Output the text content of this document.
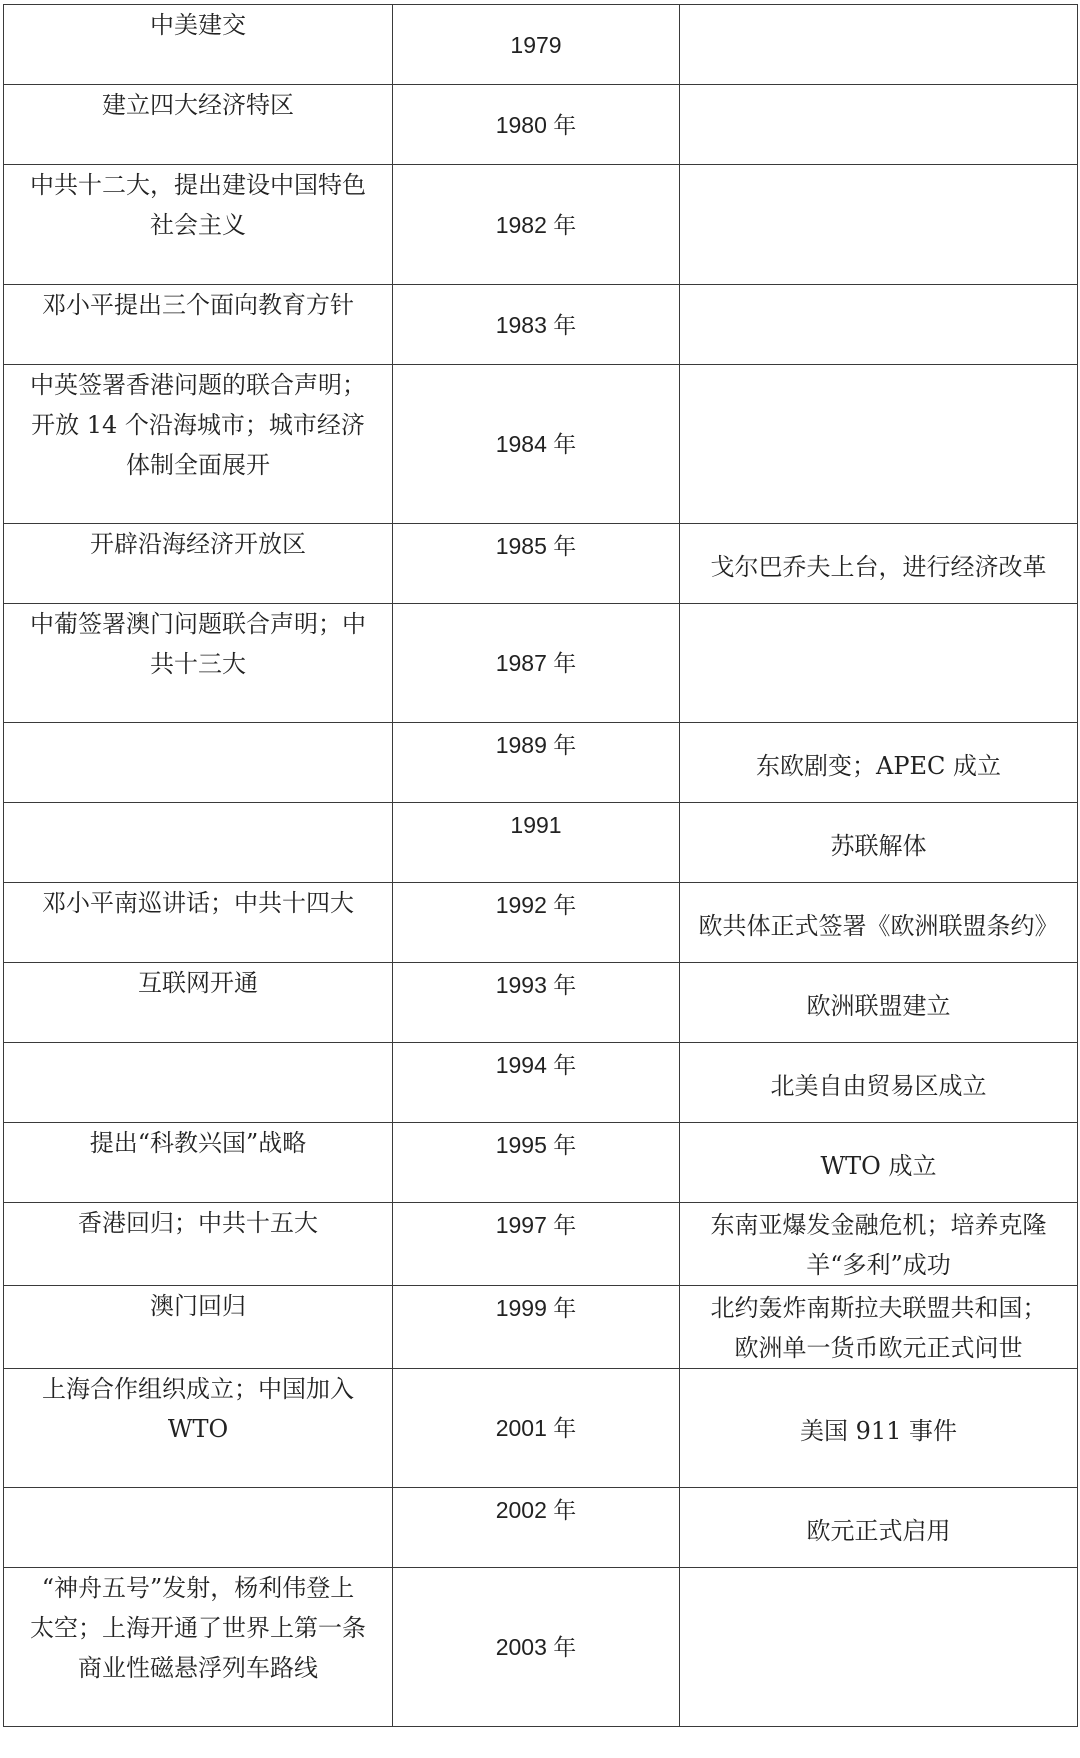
中美建交	1979	

建立四大经济特区	1980 年	

中共十二大，提出建设中国特色
社会主义	1982 年	

邓小平提出三个面向教育方针	1983 年	

中英签署香港问题的联合声明；
开放 14 个沿海城市；城市经济
体制全面展开	1984 年	

开辟沿海经济开放区	1985 年	戈尔巴乔夫上台，进行经济改革

中葡签署澳门问题联合声明；中
共十三大	1987 年	

	1989 年	东欧剧变；APEC 成立

	1991	苏联解体

邓小平南巡讲话；中共十四大	1992 年	欧共体正式签署《欧洲联盟条约》

互联网开通	1993 年	欧洲联盟建立

	1994 年	北美自由贸易区成立

提出“科教兴国”战略	1995 年	WTO 成立

香港回归；中共十五大	1997 年	东南亚爆发金融危机；培养克隆
羊“多利”成功

澳门回归	1999 年	北约轰炸南斯拉夫联盟共和国；
欧洲单一货币欧元正式问世

上海合作组织成立；中国加入
WTO	2001 年	美国 911 事件

	2002 年	欧元正式启用

“神舟五号”发射，杨利伟登上
太空；上海开通了世界上第一条
商业性磁悬浮列车路线	2003 年	
